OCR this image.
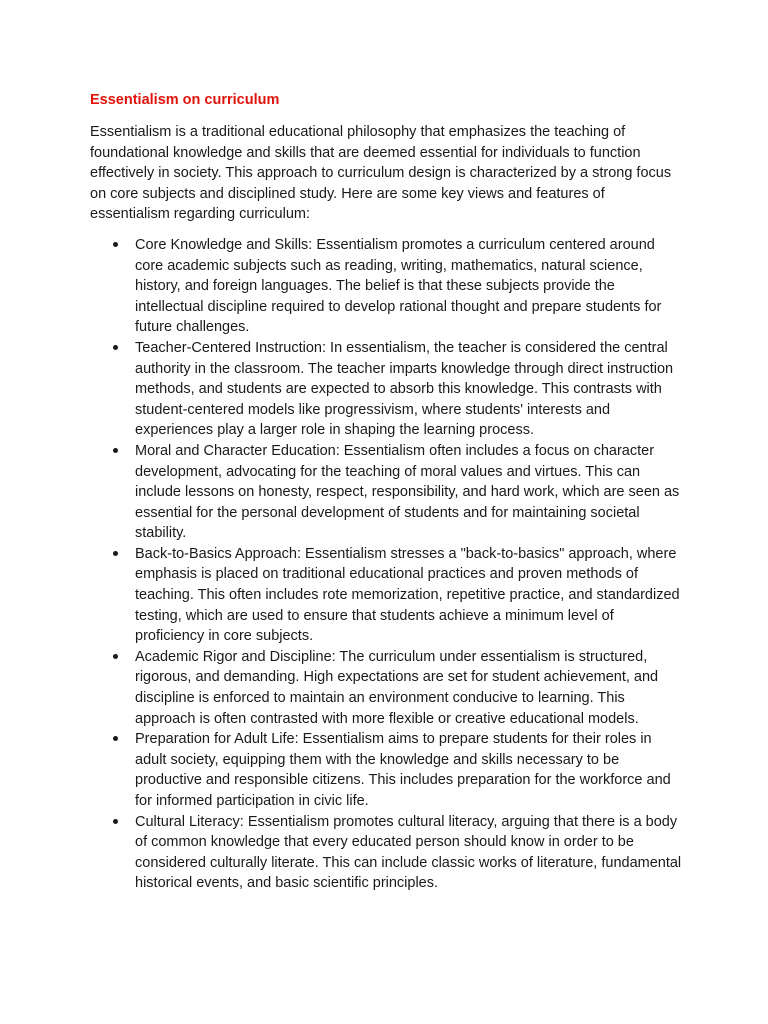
Essentialism on curriculum

Essentialism is a traditional educational philosophy that emphasizes the teaching of foundational knowledge and skills that are deemed essential for individuals to function effectively in society. This approach to curriculum design is characterized by a strong focus on core subjects and disciplined study. Here are some key views and features of essentialism regarding curriculum:

Core Knowledge and Skills: Essentialism promotes a curriculum centered around core academic subjects such as reading, writing, mathematics, natural science, history, and foreign languages. The belief is that these subjects provide the intellectual discipline required to develop rational thought and prepare students for future challenges.
Teacher-Centered Instruction: In essentialism, the teacher is considered the central authority in the classroom. The teacher imparts knowledge through direct instruction methods, and students are expected to absorb this knowledge. This contrasts with student-centered models like progressivism, where students' interests and experiences play a larger role in shaping the learning process.
Moral and Character Education: Essentialism often includes a focus on character development, advocating for the teaching of moral values and virtues. This can include lessons on honesty, respect, responsibility, and hard work, which are seen as essential for the personal development of students and for maintaining societal stability.
Back-to-Basics Approach: Essentialism stresses a "back-to-basics" approach, where emphasis is placed on traditional educational practices and proven methods of teaching. This often includes rote memorization, repetitive practice, and standardized testing, which are used to ensure that students achieve a minimum level of proficiency in core subjects.
Academic Rigor and Discipline: The curriculum under essentialism is structured, rigorous, and demanding. High expectations are set for student achievement, and discipline is enforced to maintain an environment conducive to learning. This approach is often contrasted with more flexible or creative educational models.
Preparation for Adult Life: Essentialism aims to prepare students for their roles in adult society, equipping them with the knowledge and skills necessary to be productive and responsible citizens. This includes preparation for the workforce and for informed participation in civic life.
Cultural Literacy: Essentialism promotes cultural literacy, arguing that there is a body of common knowledge that every educated person should know in order to be considered culturally literate. This can include classic works of literature, fundamental historical events, and basic scientific principles.
